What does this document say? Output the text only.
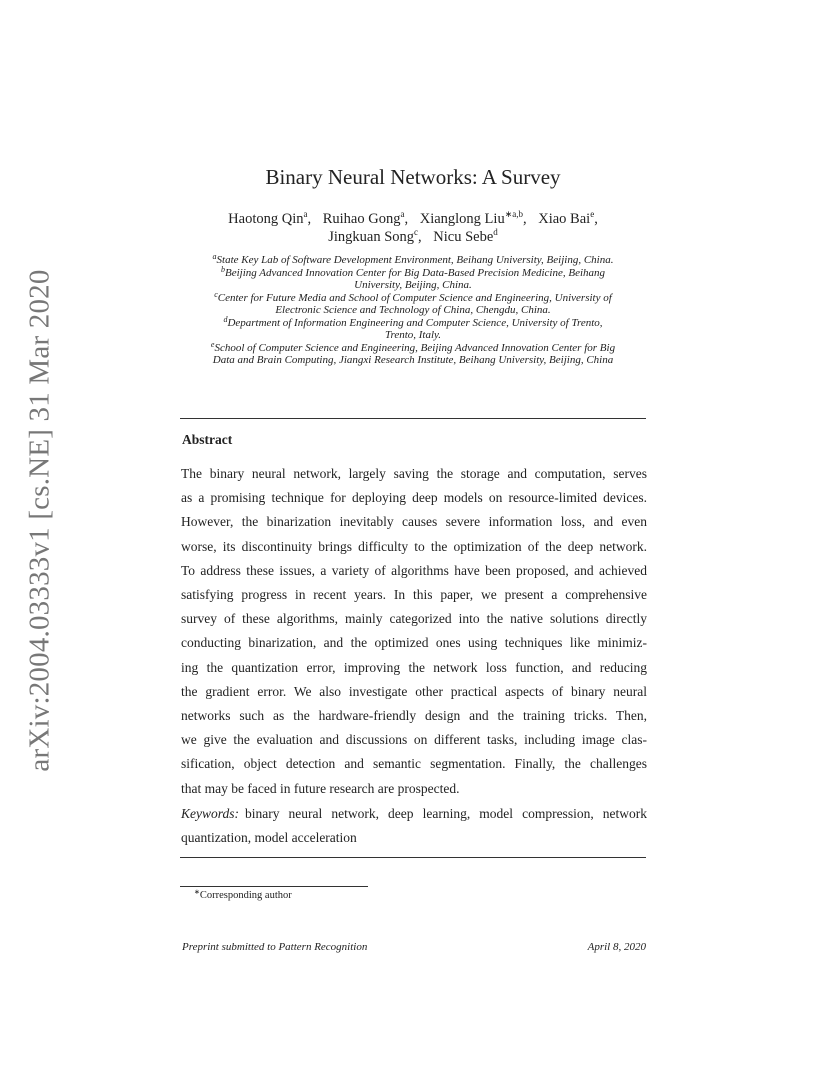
arXiv:2004.03333v1 [cs.NE] 31 Mar 2020
Binary Neural Networks: A Survey
Haotong Qin$^a$, Ruihao Gong$^a$, Xianglong Liu$^{∗a,b}$, Xiao Bai$^e$,
Jingkuan Song$^c$, Nicu Sebe$^d$
$^a$State Key Lab of Software Development Environment, Beihang University, Beijing, China.
$^b$Beijing Advanced Innovation Center for Big Data-Based Precision Medicine, Beihang
University, Beijing, China.
$^c$Center for Future Media and School of Computer Science and Engineering, University of
Electronic Science and Technology of China, Chengdu, China.
$^d$Department of Information Engineering and Computer Science, University of Trento,
Trento, Italy.
$^e$School of Computer Science and Engineering, Beijing Advanced Innovation Center for Big
Data and Brain Computing, Jiangxi Research Institute, Beihang University, Beijing, China
Abstract
The binary neural network, largely saving the storage and computation, serves
as a promising technique for deploying deep models on resource-limited devices.
However, the binarization inevitably causes severe information loss, and even
worse, its discontinuity brings difficulty to the optimization of the deep network.
To address these issues, a variety of algorithms have been proposed, and achieved
satisfying progress in recent years. In this paper, we present a comprehensive
survey of these algorithms, mainly categorized into the native solutions directly
conducting binarization, and the optimized ones using techniques like minimiz-
ing the quantization error, improving the network loss function, and reducing
the gradient error. We also investigate other practical aspects of binary neural
networks such as the hardware-friendly design and the training tricks. Then,
we give the evaluation and discussions on different tasks, including image clas-
sification, object detection and semantic segmentation. Finally, the challenges
that may be faced in future research are prospected.
Keywords: binary neural network, deep learning, model compression, network
quantization, model acceleration
∗Corresponding author
Preprint submitted to Pattern Recognition	April 8, 2020
